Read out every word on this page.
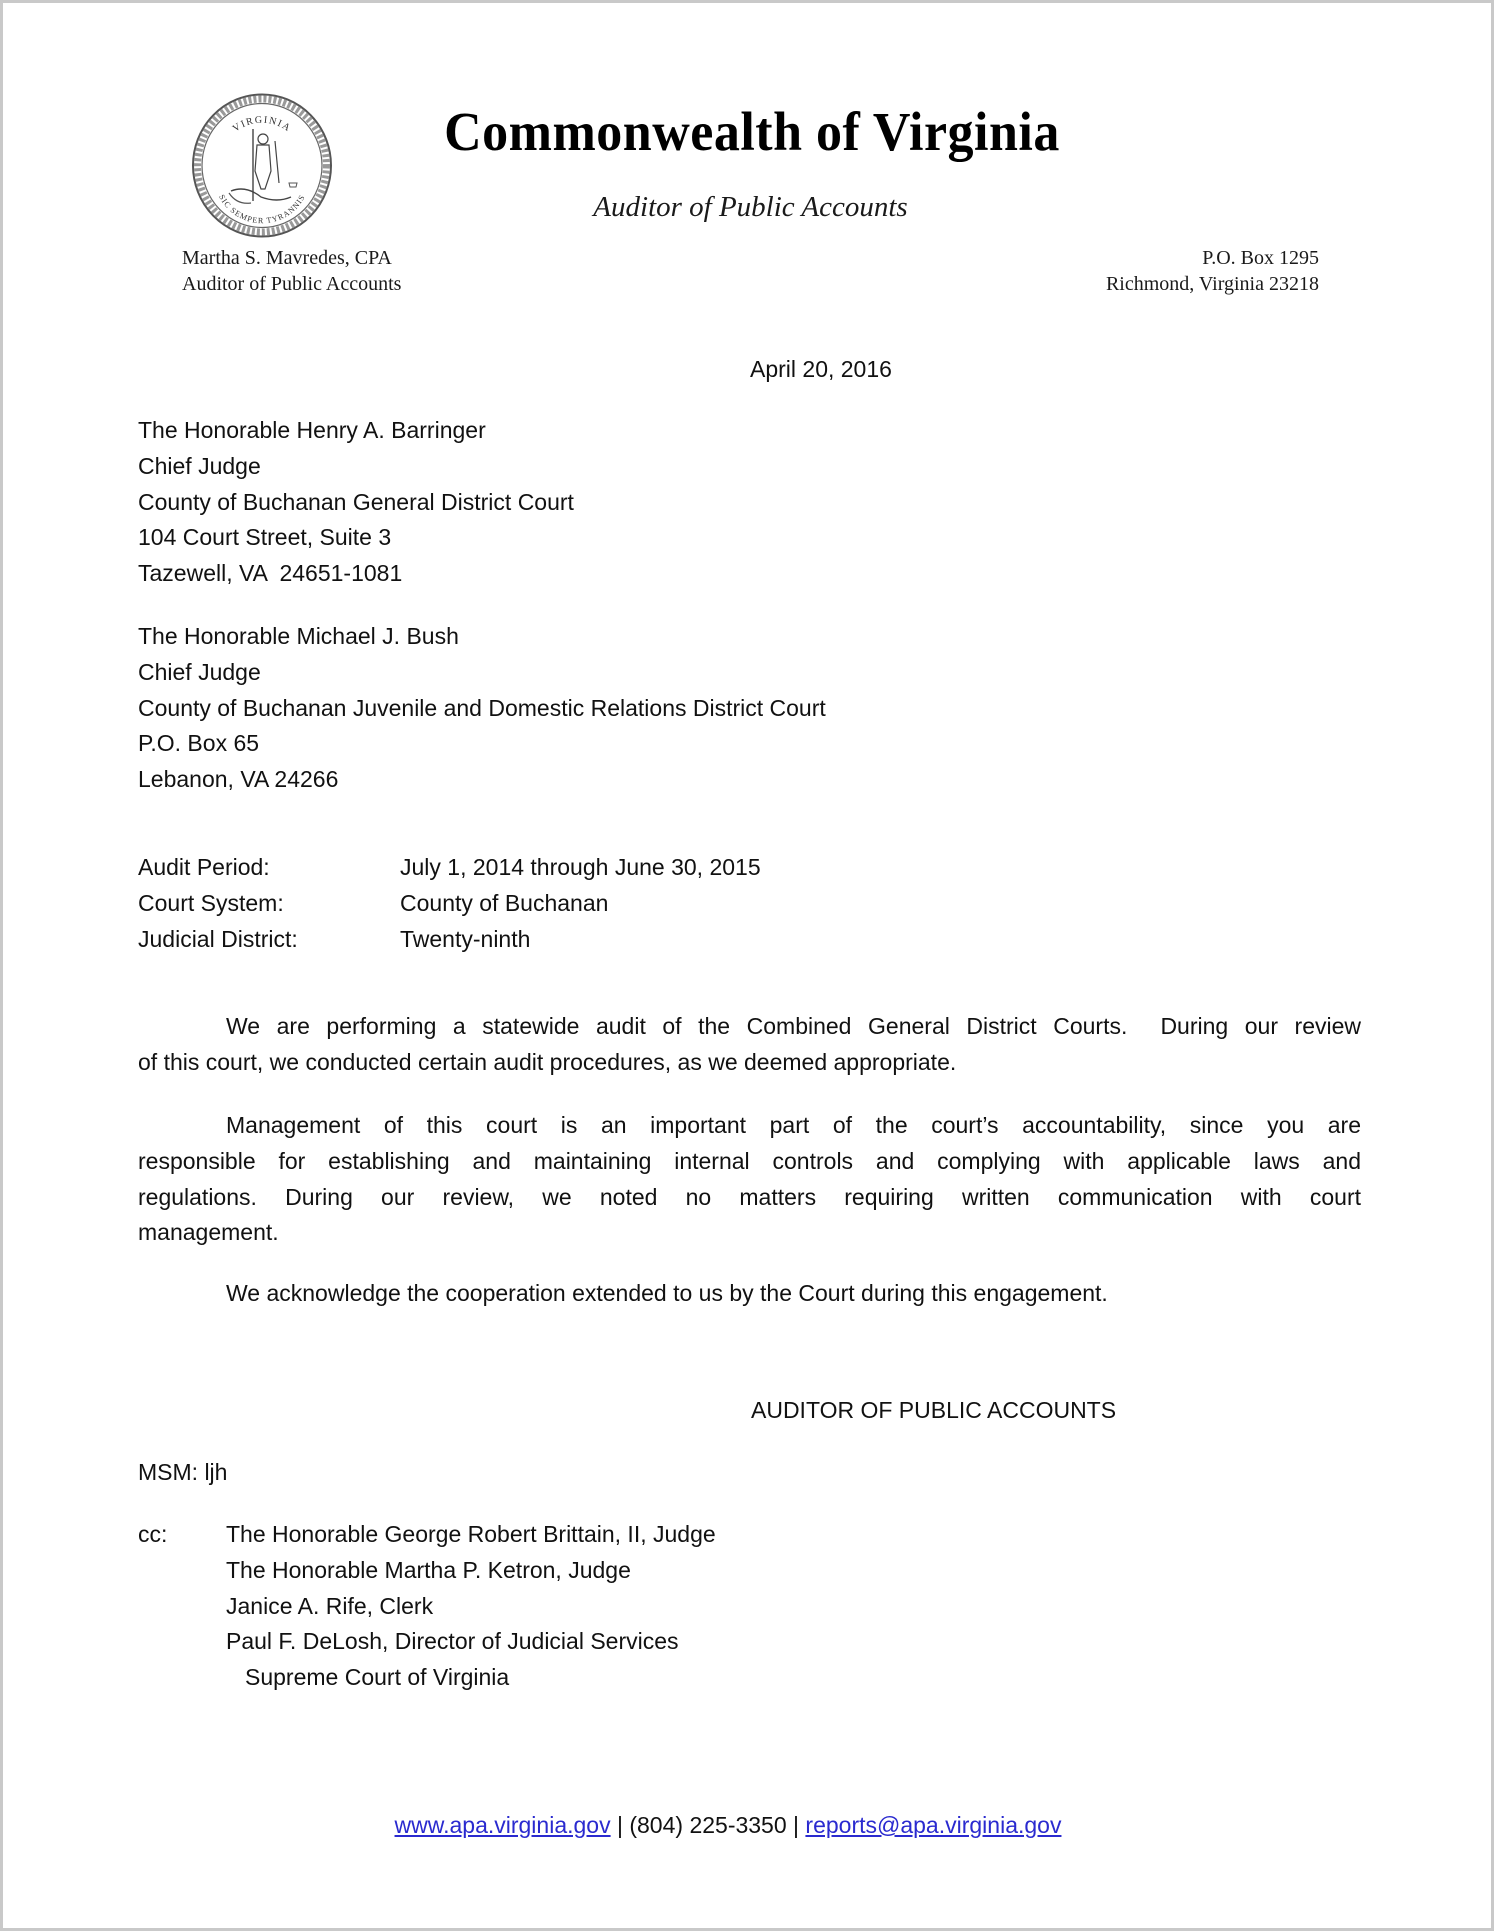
VIRGINIA
SIC SEMPER TYRANNIS
Commonwealth of Virginia
Auditor of Public Accounts
Martha S. Mavredes, CPA
Auditor of Public Accounts
P.O. Box 1295
Richmond, Virginia 23218
April 20, 2016
The Honorable Henry A. Barringer
Chief Judge
County of Buchanan General District Court
104 Court Street, Suite 3
Tazewell, VA  24651-1081
The Honorable Michael J. Bush
Chief Judge
County of Buchanan Juvenile and Domestic Relations District Court
P.O. Box 65
Lebanon, VA 24266
Audit Period:	July 1, 2014 through June 30, 2015
Court System:	County of Buchanan
Judicial District:	Twenty-ninth
We are performing a statewide audit of the Combined General District Courts.  During our review
of this court, we conducted certain audit procedures, as we deemed appropriate.
Management of this court is an important part of the court’s accountability, since you are
responsible for establishing and maintaining internal controls and complying with applicable laws and
regulations. During our review, we noted no matters requiring written communication with court
management.
We acknowledge the cooperation extended to us by the Court during this engagement.
AUDITOR OF PUBLIC ACCOUNTS
MSM: ljh
cc:	The Honorable George Robert Brittain, II, Judge
The Honorable Martha P. Ketron, Judge
Janice A. Rife, Clerk
Paul F. DeLosh, Director of Judicial Services
Supreme Court of Virginia
www.apa.virginia.gov | (804) 225-3350 | reports@apa.virginia.gov
